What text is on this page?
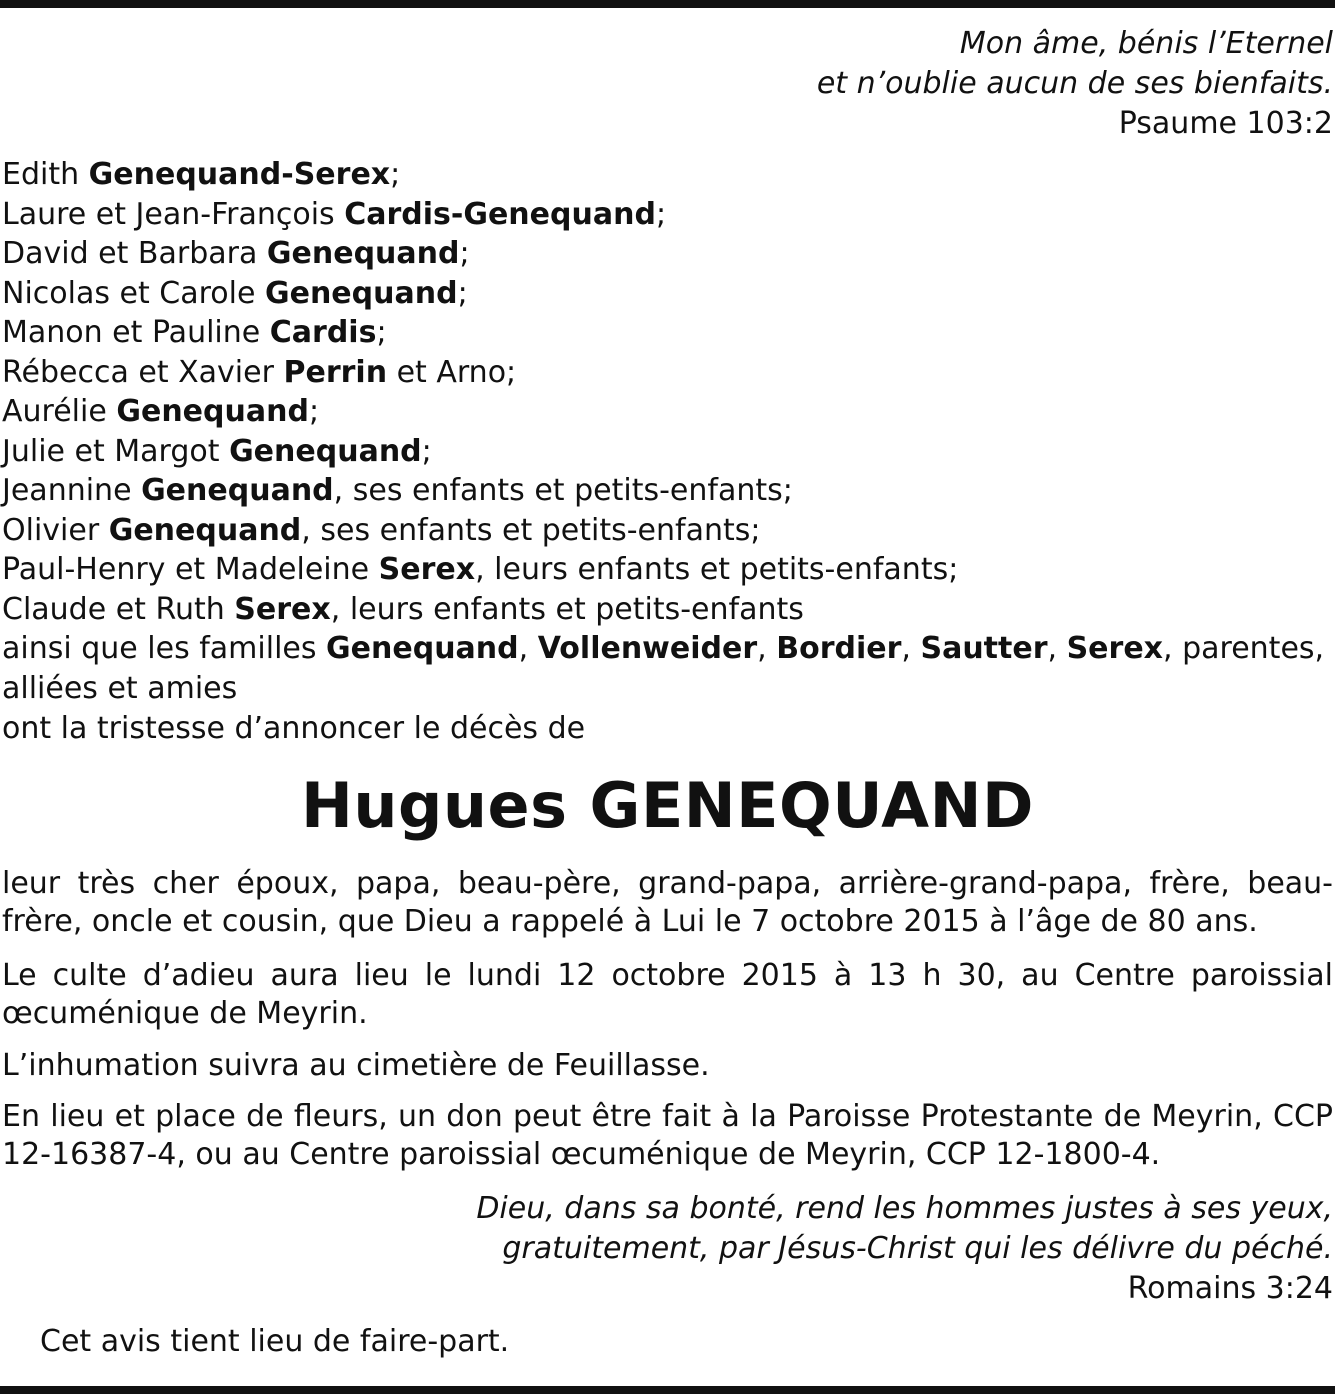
Mon âme, bénis l’Eternel
et n’oublie aucun de ses bienfaits.
Psaume 103:2
Edith Genequand-Serex;
Laure et Jean-François Cardis-Genequand;
David et Barbara Genequand;
Nicolas et Carole Genequand;
Manon et Pauline Cardis;
Rébecca et Xavier Perrin et Arno;
Aurélie Genequand;
Julie et Margot Genequand;
Jeannine Genequand, ses enfants et petits-enfants;
Olivier Genequand, ses enfants et petits-enfants;
Paul-Henry et Madeleine Serex, leurs enfants et petits-enfants;
Claude et Ruth Serex, leurs enfants et petits-enfants
ainsi que les familles Genequand, Vollenweider, Bordier, Sautter, Serex, parentes, alliées et amies
ont la tristesse d’annoncer le décès de
Hugues GENEQUAND
leur très cher époux, papa, beau-père, grand-papa, arrière-grand-papa, frère, beau-frère, oncle et cousin, que Dieu a rappelé à Lui le 7 octobre 2015 à l’âge de 80 ans.
Le culte d’adieu aura lieu le lundi 12 octobre 2015 à 13 h 30, au Centre paroissial œcuménique de Meyrin.
L’inhumation suivra au cimetière de Feuillasse.
En lieu et place de fleurs, un don peut être fait à la Paroisse Protestante de Meyrin, CCP 12-16387-4, ou au Centre paroissial œcuménique de Meyrin, CCP 12-1800-4.
Dieu, dans sa bonté, rend les hommes justes à ses yeux,
gratuitement, par Jésus-Christ qui les délivre du péché.
Romains 3:24
Cet avis tient lieu de faire-part.
